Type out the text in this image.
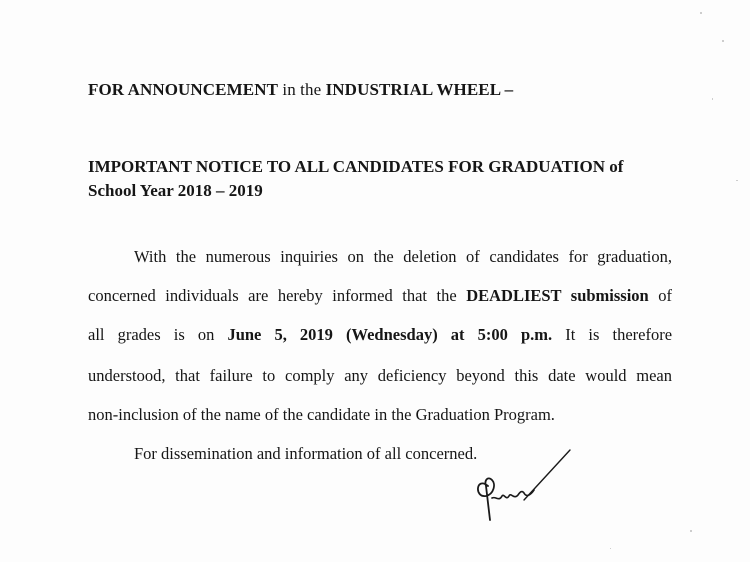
FOR ANNOUNCEMENT in the INDUSTRIAL WHEEL –
IMPORTANT NOTICE TO ALL CANDIDATES FOR GRADUATION of
School Year 2018 – 2019
With the numerous inquiries on the deletion of candidates for graduation,
concerned individuals are hereby informed that the DEADLIEST submission of
all grades is on June 5, 2019 (Wednesday) at 5:00 p.m. It is therefore
understood, that failure to comply any deficiency beyond this date would mean
non-inclusion of the name of the candidate in the Graduation Program.
For dissemination and information of all concerned.
